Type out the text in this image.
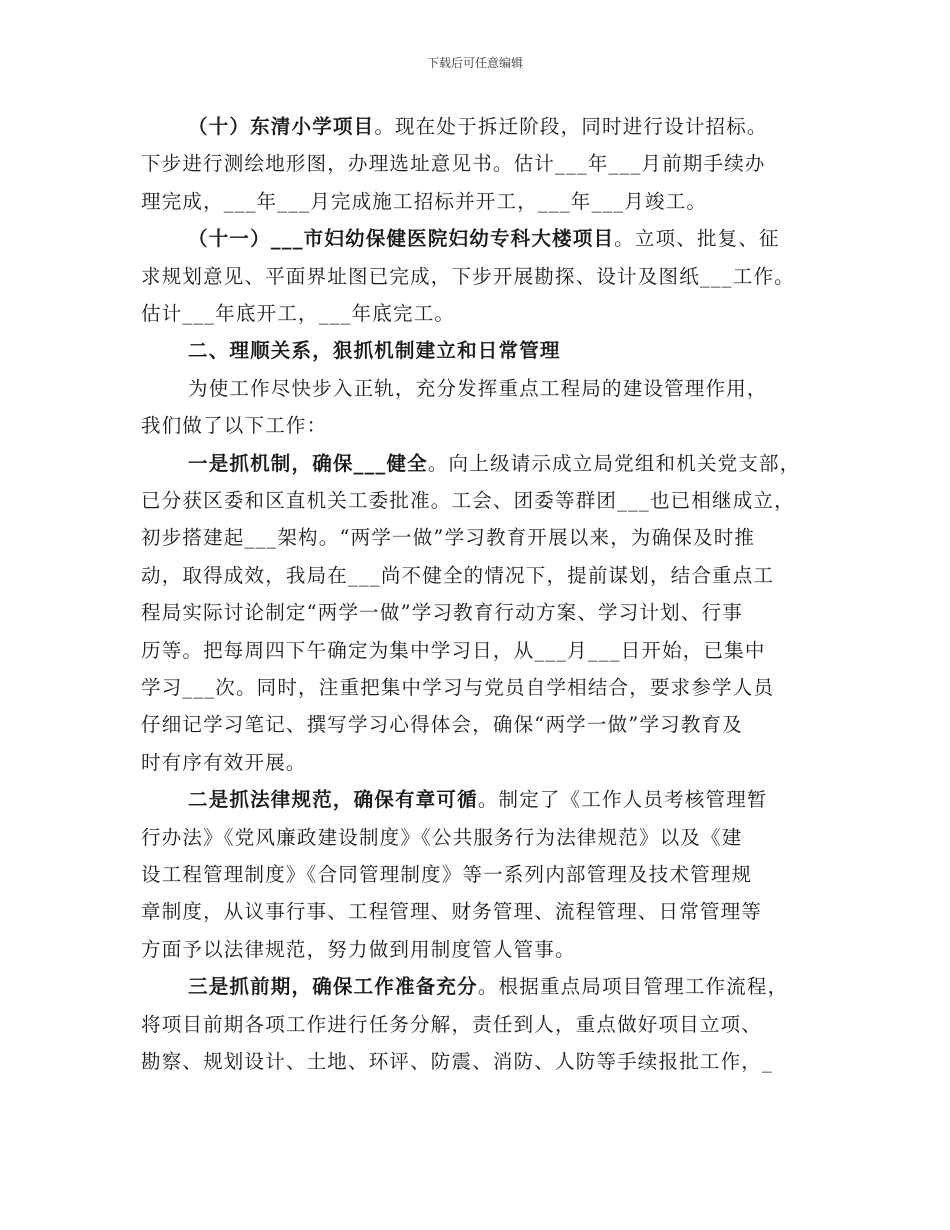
下载后可任意编辑
（十）东清小学项目。现在处于拆迁阶段，同时进行设计招标。
下步进行测绘地形图，办理选址意见书。估计___年___月前期手续办
理完成，___年___月完成施工招标并开工，___年___月竣工。
（十一）___市妇幼保健医院妇幼专科大楼项目。立项、批复、征
求规划意见、平面界址图已完成，下步开展勘探、设计及图纸___工作。
估计___年底开工，___年底完工。
二、理顺关系，狠抓机制建立和日常管理
为使工作尽快步入正轨，充分发挥重点工程局的建设管理作用，
我们做了以下工作：
一是抓机制，确保___健全。向上级请示成立局党组和机关党支部，
已分获区委和区直机关工委批准。工会、团委等群团___也已相继成立，
初步搭建起___架构。“两学一做”学习教育开展以来，为确保及时推
动，取得成效，我局在___尚不健全的情况下，提前谋划，结合重点工
程局实际讨论制定“两学一做”学习教育行动方案、学习计划、行事
历等。把每周四下午确定为集中学习日，从___月___日开始，已集中
学习___次。同时，注重把集中学习与党员自学相结合，要求参学人员
仔细记学习笔记、撰写学习心得体会，确保“两学一做”学习教育及
时有序有效开展。
二是抓法律规范，确保有章可循。制定了《工作人员考核管理暂
行办法》《党风廉政建设制度》《公共服务行为法律规范》以及《建
设工程管理制度》《合同管理制度》等一系列内部管理及技术管理规
章制度，从议事行事、工程管理、财务管理、流程管理、日常管理等
方面予以法律规范，努力做到用制度管人管事。
三是抓前期，确保工作准备充分。根据重点局项目管理工作流程，
将项目前期各项工作进行任务分解，责任到人，重点做好项目立项、
勘察、规划设计、土地、环评、防震、消防、人防等手续报批工作，_
